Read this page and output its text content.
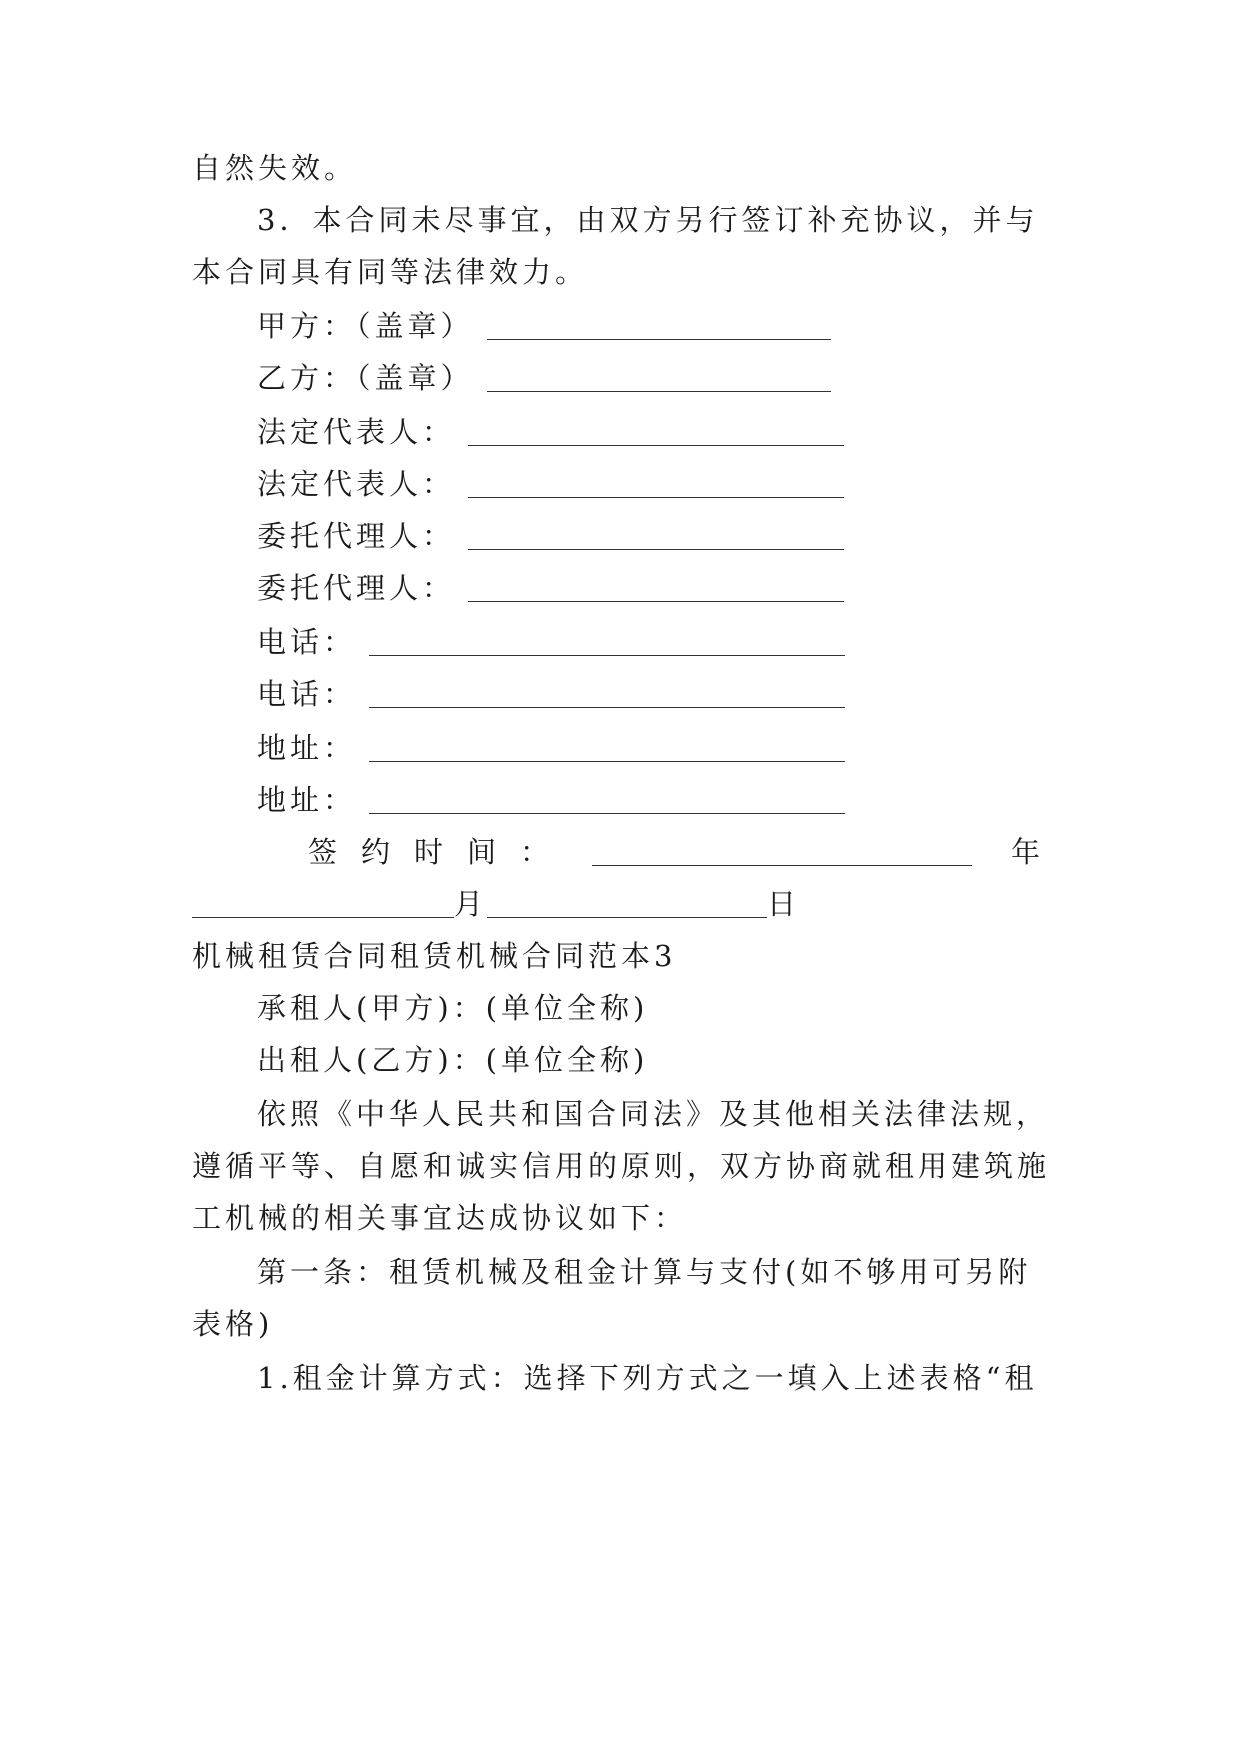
自然失效。
3．本合同未尽事宜，由双方另行签订补充协议，并与
本合同具有同等法律效力。
甲方：（盖章）
乙方：（盖章）
法定代表人：
法定代表人：
委托代理人：
委托代理人：
电话：
电话：
地址：
地址：
签约时间：	年
月	日
机械租赁合同租赁机械合同范本3
承租人(甲方)：(单位全称)
出租人(乙方)：(单位全称)
依照《中华人民共和国合同法》及其他相关法律法规，
遵循平等、自愿和诚实信用的原则，双方协商就租用建筑施
工机械的相关事宜达成协议如下：
第一条：租赁机械及租金计算与支付(如不够用可另附
表格)
1.租金计算方式：选择下列方式之一填入上述表格“租
